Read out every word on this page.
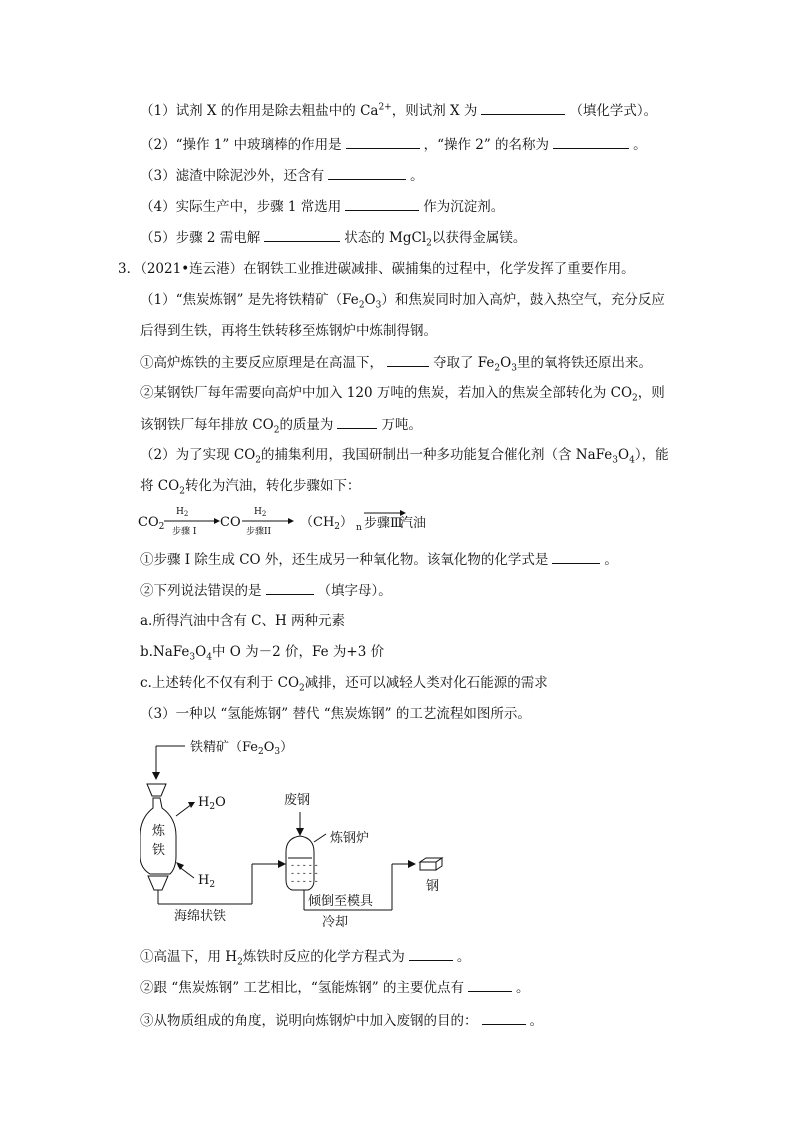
（1）试剂 X 的作用是除去粗盐中的 $Ca^{2+}$，则试剂 X 为	（填化学式）。
（2）“操作 1” 中玻璃棒的作用是	，“操作 2” 的名称为	。
（3）滤渣中除泥沙外，还含有	。
（4）实际生产中，步骤 1 常选用	作为沉淀剂。
（5）步骤 2 需电解	状态的 MgCl$_2$以获得金属镁。
3．（2021•连云港）在钢铁工业推进碳减排、碳捕集的过程中，化学发挥了重要作用。
（1）“焦炭炼钢” 是先将铁精矿$(Fe_2O_3)$和焦炭同时加入高炉，鼓入热空气，充分反应
后得到生铁，再将生铁转移至炼钢炉中炼制得钢。
①高炉炼铁的主要反应原理是在高温下，	夺取了 $Fe_2O_3$里的氧将铁还原出来。
②某钢铁厂每年需要向高炉中加入 120 万吨的焦炭，若加入的焦炭全部转化为 $CO_2$，则
该钢铁厂每年排放 $CO_2$的质量为	万吨。
（2）为了实现 $CO_2$的捕集利用，我国研制出一种多功能复合催化剂（含 $NaFe_3O_4$），能
将 $CO_2$转化为汽油，转化步骤如下：
$CO_2$
$H_2$
步骤 I
CO
$H_2$
步骤II
$(CH_2)$ n 步骤Ⅲ
汽油
①步骤 I 除生成 CO 外，还生成另一种氧化物。该氧化物的化学式是	。
②下列说法错误的是	（填字母）。
a.所得汽油中含有 C、H 两种元素
$b.NaFe_3O_4$中 O 为－2 价，Fe 为+3 价
c.上述转化不仅有利于 $CO_2$减排，还可以减轻人类对化石能源的需求
（3）一种以 “氢能炼钢” 替代 “焦炭炼钢” 的工艺流程如图所示。
铁精矿$(Fe_2O_3)$
炼
铁
$H_2O$
$H_2$
海绵状铁
废钢
- - - - -
- - - - -
- - - - -
炼钢炉
倾倒至模具
冷却
钢
①高温下，用 $H_2$炼铁时反应的化学方程式为	。
②跟 “焦炭炼钢” 工艺相比，“氢能炼钢” 的主要优点有	。
③从物质组成的角度，说明向炼钢炉中加入废钢的目的：	。
